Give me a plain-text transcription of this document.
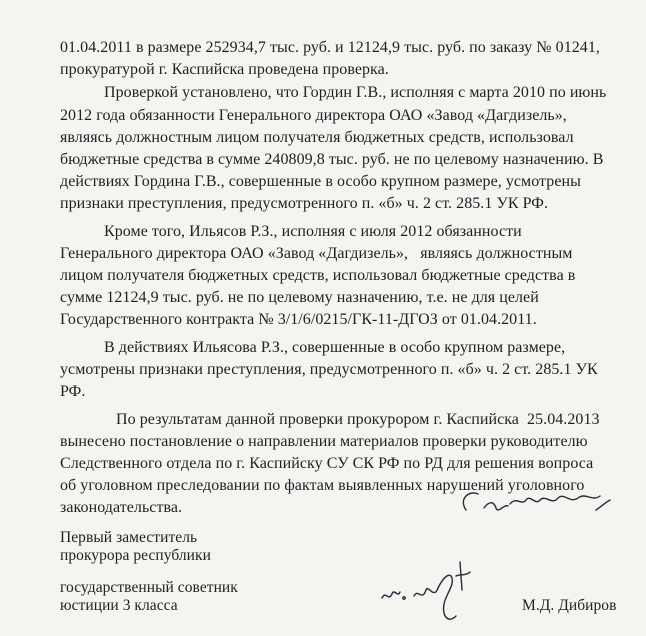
01.04.2011 в размере 252934,7 тыс. руб. и 12124,9 тыс. руб. по заказу № 01241,
прокуратурой г. Каспийска проведена проверка.
Проверкой установлено, что Гордин Г.В., исполняя с марта 2010 по июнь
2012 года обязанности Генерального директора ОАО «Завод «Дагдизель»,
являясь должностным лицом получателя бюджетных средств, использовал
бюджетные средства в сумме 240809,8 тыс. руб. не по целевому назначению. В
действиях Гордина Г.В., совершенные в особо крупном размере, усмотрены
признаки преступления, предусмотренного п. «б» ч. 2 ст. 285.1 УК РФ.
Кроме того, Ильясов Р.З., исполняя с июля 2012 обязанности
Генерального директора ОАО «Завод «Дагдизель»,   являясь должностным
лицом получателя бюджетных средств, использовал бюджетные средства в
сумме 12124,9 тыс. руб. не по целевому назначению, т.е. не для целей
Государственного контракта № 3/1/6/0215/ГК-11-ДГОЗ от 01.04.2011.
В действиях Ильясова Р.З., совершенные в особо крупном размере,
усмотрены признаки преступления, предусмотренного п. «б» ч. 2 ст. 285.1 УК
РФ.
По результатам данной проверки прокурором г. Каспийска  25.04.2013
вынесено постановление о направлении материалов проверки руководителю
Следственного отдела по г. Каспийску СУ СК РФ по РД для решения вопроса
об уголовном преследовании по фактам выявленных нарушений уголовного
законодательства.
Первый заместитель
прокурора республики
государственный советник
юстиции 3 класса	М.Д. Дибиров
